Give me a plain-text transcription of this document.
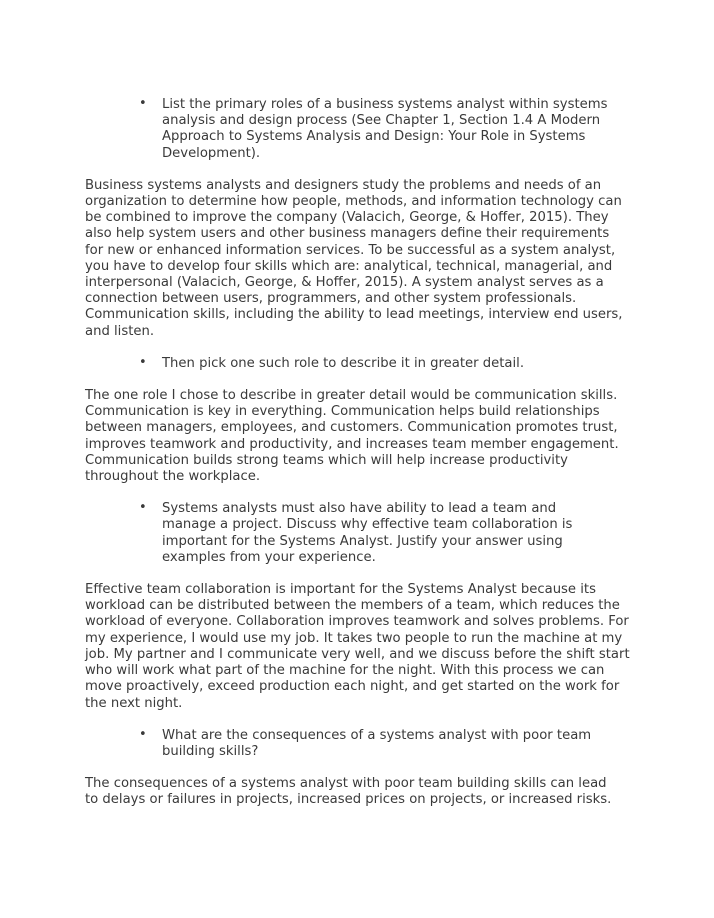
• List the primary roles of a business systems analyst within systems analysis and design process (See Chapter 1, Section 1.4 A Modern Approach to Systems Analysis and Design: Your Role in Systems Development).

Business systems analysts and designers study the problems and needs of an organization to determine how people, methods, and information technology can be combined to improve the company (Valacich, George, & Hoffer, 2015). They also help system users and other business managers define their requirements for new or enhanced information services. To be successful as a system analyst, you have to develop four skills which are: analytical, technical, managerial, and interpersonal (Valacich, George, & Hoffer, 2015). A system analyst serves as a connection between users, programmers, and other system professionals. Communication skills, including the ability to lead meetings, interview end users, and listen.

• Then pick one such role to describe it in greater detail.

The one role I chose to describe in greater detail would be communication skills. Communication is key in everything. Communication helps build relationships between managers, employees, and customers. Communication promotes trust, improves teamwork and productivity, and increases team member engagement. Communication builds strong teams which will help increase productivity throughout the workplace.

• Systems analysts must also have ability to lead a team and manage a project. Discuss why effective team collaboration is important for the Systems Analyst. Justify your answer using examples from your experience.

Effective team collaboration is important for the Systems Analyst because its workload can be distributed between the members of a team, which reduces the workload of everyone. Collaboration improves teamwork and solves problems. For my experience, I would use my job. It takes two people to run the machine at my job. My partner and I communicate very well, and we discuss before the shift start who will work what part of the machine for the night. With this process we can move proactively, exceed production each night, and get started on the work for the next night.

• What are the consequences of a systems analyst with poor team building skills?

The consequences of a systems analyst with poor team building skills can lead to delays or failures in projects, increased prices on projects, or increased risks.
